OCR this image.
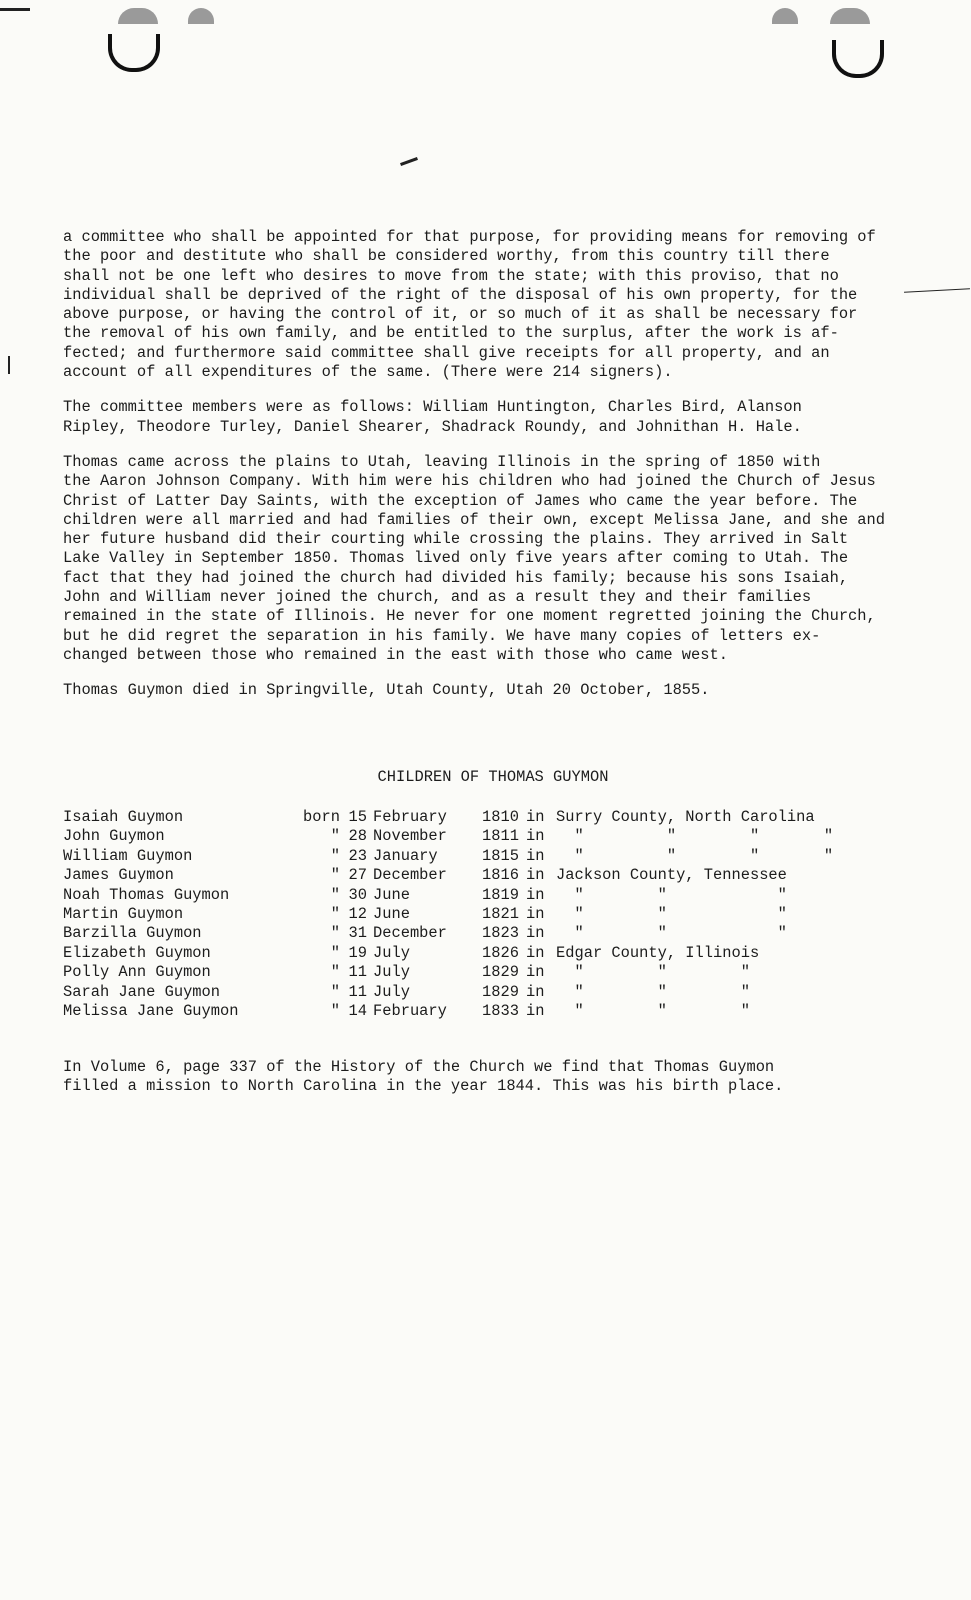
a committee who shall be appointed for that purpose, for providing means for removing of
the poor and destitute who shall be considered worthy, from this country till there
shall not be one left who desires to move from the state; with this proviso, that no
individual shall be deprived of the right of the disposal of his own property, for the
above purpose, or having the control of it, or so much of it as shall be necessary for
the removal of his own family, and be entitled to the surplus, after the work is af-
fected; and furthermore said committee shall give receipts for all property, and an
account of all expenditures of the same. (There were 214 signers).

The committee members were as follows: William Huntington, Charles Bird, Alanson
Ripley, Theodore Turley, Daniel Shearer, Shadrack Roundy, and Johnithan H. Hale.

Thomas came across the plains to Utah, leaving Illinois in the spring of 1850 with
the Aaron Johnson Company. With him were his children who had joined the Church of Jesus
Christ of Latter Day Saints, with the exception of James who came the year before. The
children were all married and had families of their own, except Melissa Jane, and she and
her future husband did their courting while crossing the plains. They arrived in Salt
Lake Valley in September 1850. Thomas lived only five years after coming to Utah. The
fact that they had joined the church had divided his family; because his sons Isaiah,
John and William never joined the church, and as a result they and their families
remained in the state of Illinois. He never for one moment regretted joining the Church,
but he did regret the separation in his family. We have many copies of letters ex-
changed between those who remained in the east with those who came west.

Thomas Guymon died in Springville, Utah County, Utah 20 October, 1855.

CHILDREN OF THOMAS GUYMON
Isaiah Guymon	born	15	February	1810	in	Surry County, North Carolina
John Guymon	"	28	November	1811	in	"         "        "       "
William Guymon	"	23	January	1815	in	"         "        "       "
James Guymon	"	27	December	1816	in	Jackson County, Tennessee
Noah Thomas Guymon	"	30	June	1819	in	"        "            "
Martin Guymon	"	12	June	1821	in	"        "            "
Barzilla Guymon	"	31	December	1823	in	"        "            "
Elizabeth Guymon	"	19	July	1826	in	Edgar County, Illinois
Polly Ann Guymon	"	11	July	1829	in	"        "        "
Sarah Jane Guymon	"	11	July	1829	in	"        "        "
Melissa Jane Guymon	"	14	February	1833	in	"        "        "

In Volume 6, page 337 of the History of the Church we find that Thomas Guymon
filled a mission to North Carolina in the year 1844. This was his birth place.
